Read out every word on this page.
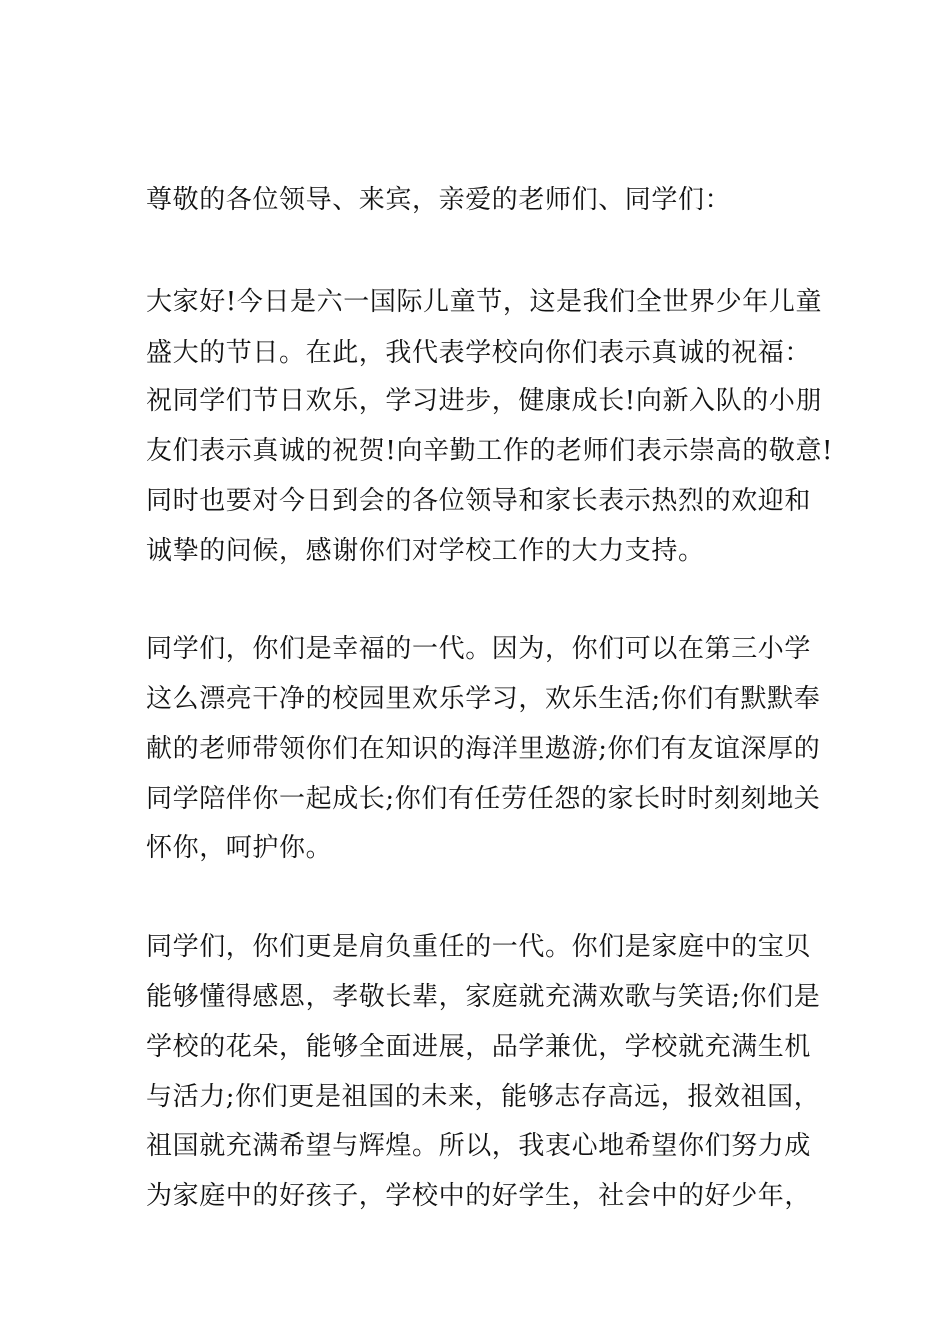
尊敬的各位领导、来宾，亲爱的老师们、同学们：
大家好!今日是六一国际儿童节，这是我们全世界少年儿童
盛大的节日。在此，我代表学校向你们表示真诚的祝福：
祝同学们节日欢乐，学习进步，健康成长!向新入队的小朋
友们表示真诚的祝贺!向辛勤工作的老师们表示崇高的敬意!
同时也要对今日到会的各位领导和家长表示热烈的欢迎和
诚挚的问候，感谢你们对学校工作的大力支持。
同学们，你们是幸福的一代。因为，你们可以在第三小学
这么漂亮干净的校园里欢乐学习，欢乐生活;你们有默默奉
献的老师带领你们在知识的海洋里遨游;你们有友谊深厚的
同学陪伴你一起成长;你们有任劳任怨的家长时时刻刻地关
怀你，呵护你。
同学们，你们更是肩负重任的一代。你们是家庭中的宝贝
能够懂得感恩，孝敬长辈，家庭就充满欢歌与笑语;你们是
学校的花朵，能够全面进展，品学兼优，学校就充满生机
与活力;你们更是祖国的未来，能够志存高远，报效祖国，
祖国就充满希望与辉煌。所以，我衷心地希望你们努力成
为家庭中的好孩子，学校中的好学生，社会中的好少年，
